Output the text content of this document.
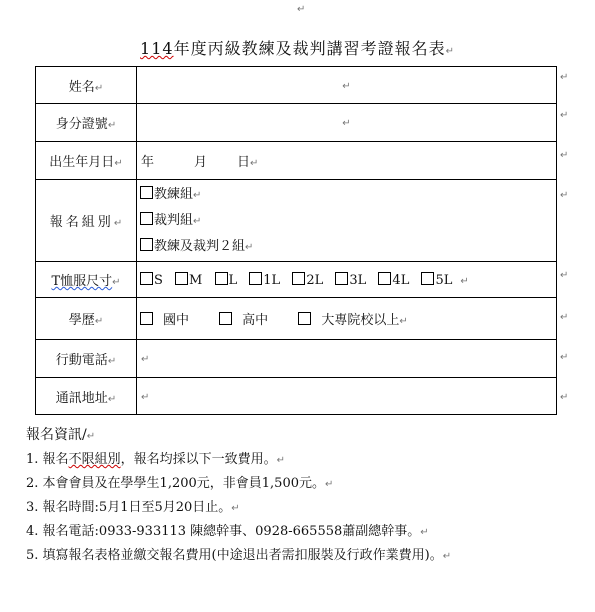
↵
114年度丙級教練及裁判講習考證報名表↵
姓名↵	↵
身分證號↵	↵
出生年月日↵	年 月 日↵
報名組別↵	教練組↵
裁判組↵
教練及裁判２組↵

T恤服尺寸↵	S M L 1L 2L 3L 4L 5L ↵
學歷↵	國中 高中 大專院校以上↵
行動電話↵	↵
通訊地址↵	↵
↵
↵
↵
↵
↵
↵
↵
↵
報名資訊/↵
1. 報名不限組別，報名均採以下一致費用。↵
2. 本會會員及在學學生1,200元，非會員1,500元。↵
3. 報名時間:5月1日至5月20日止。↵
4. 報名電話:0933-933113 陳總幹事、0928-665558蕭副總幹事。↵
5. 填寫報名表格並繳交報名費用(中途退出者需扣服裝及行政作業費用)。↵
